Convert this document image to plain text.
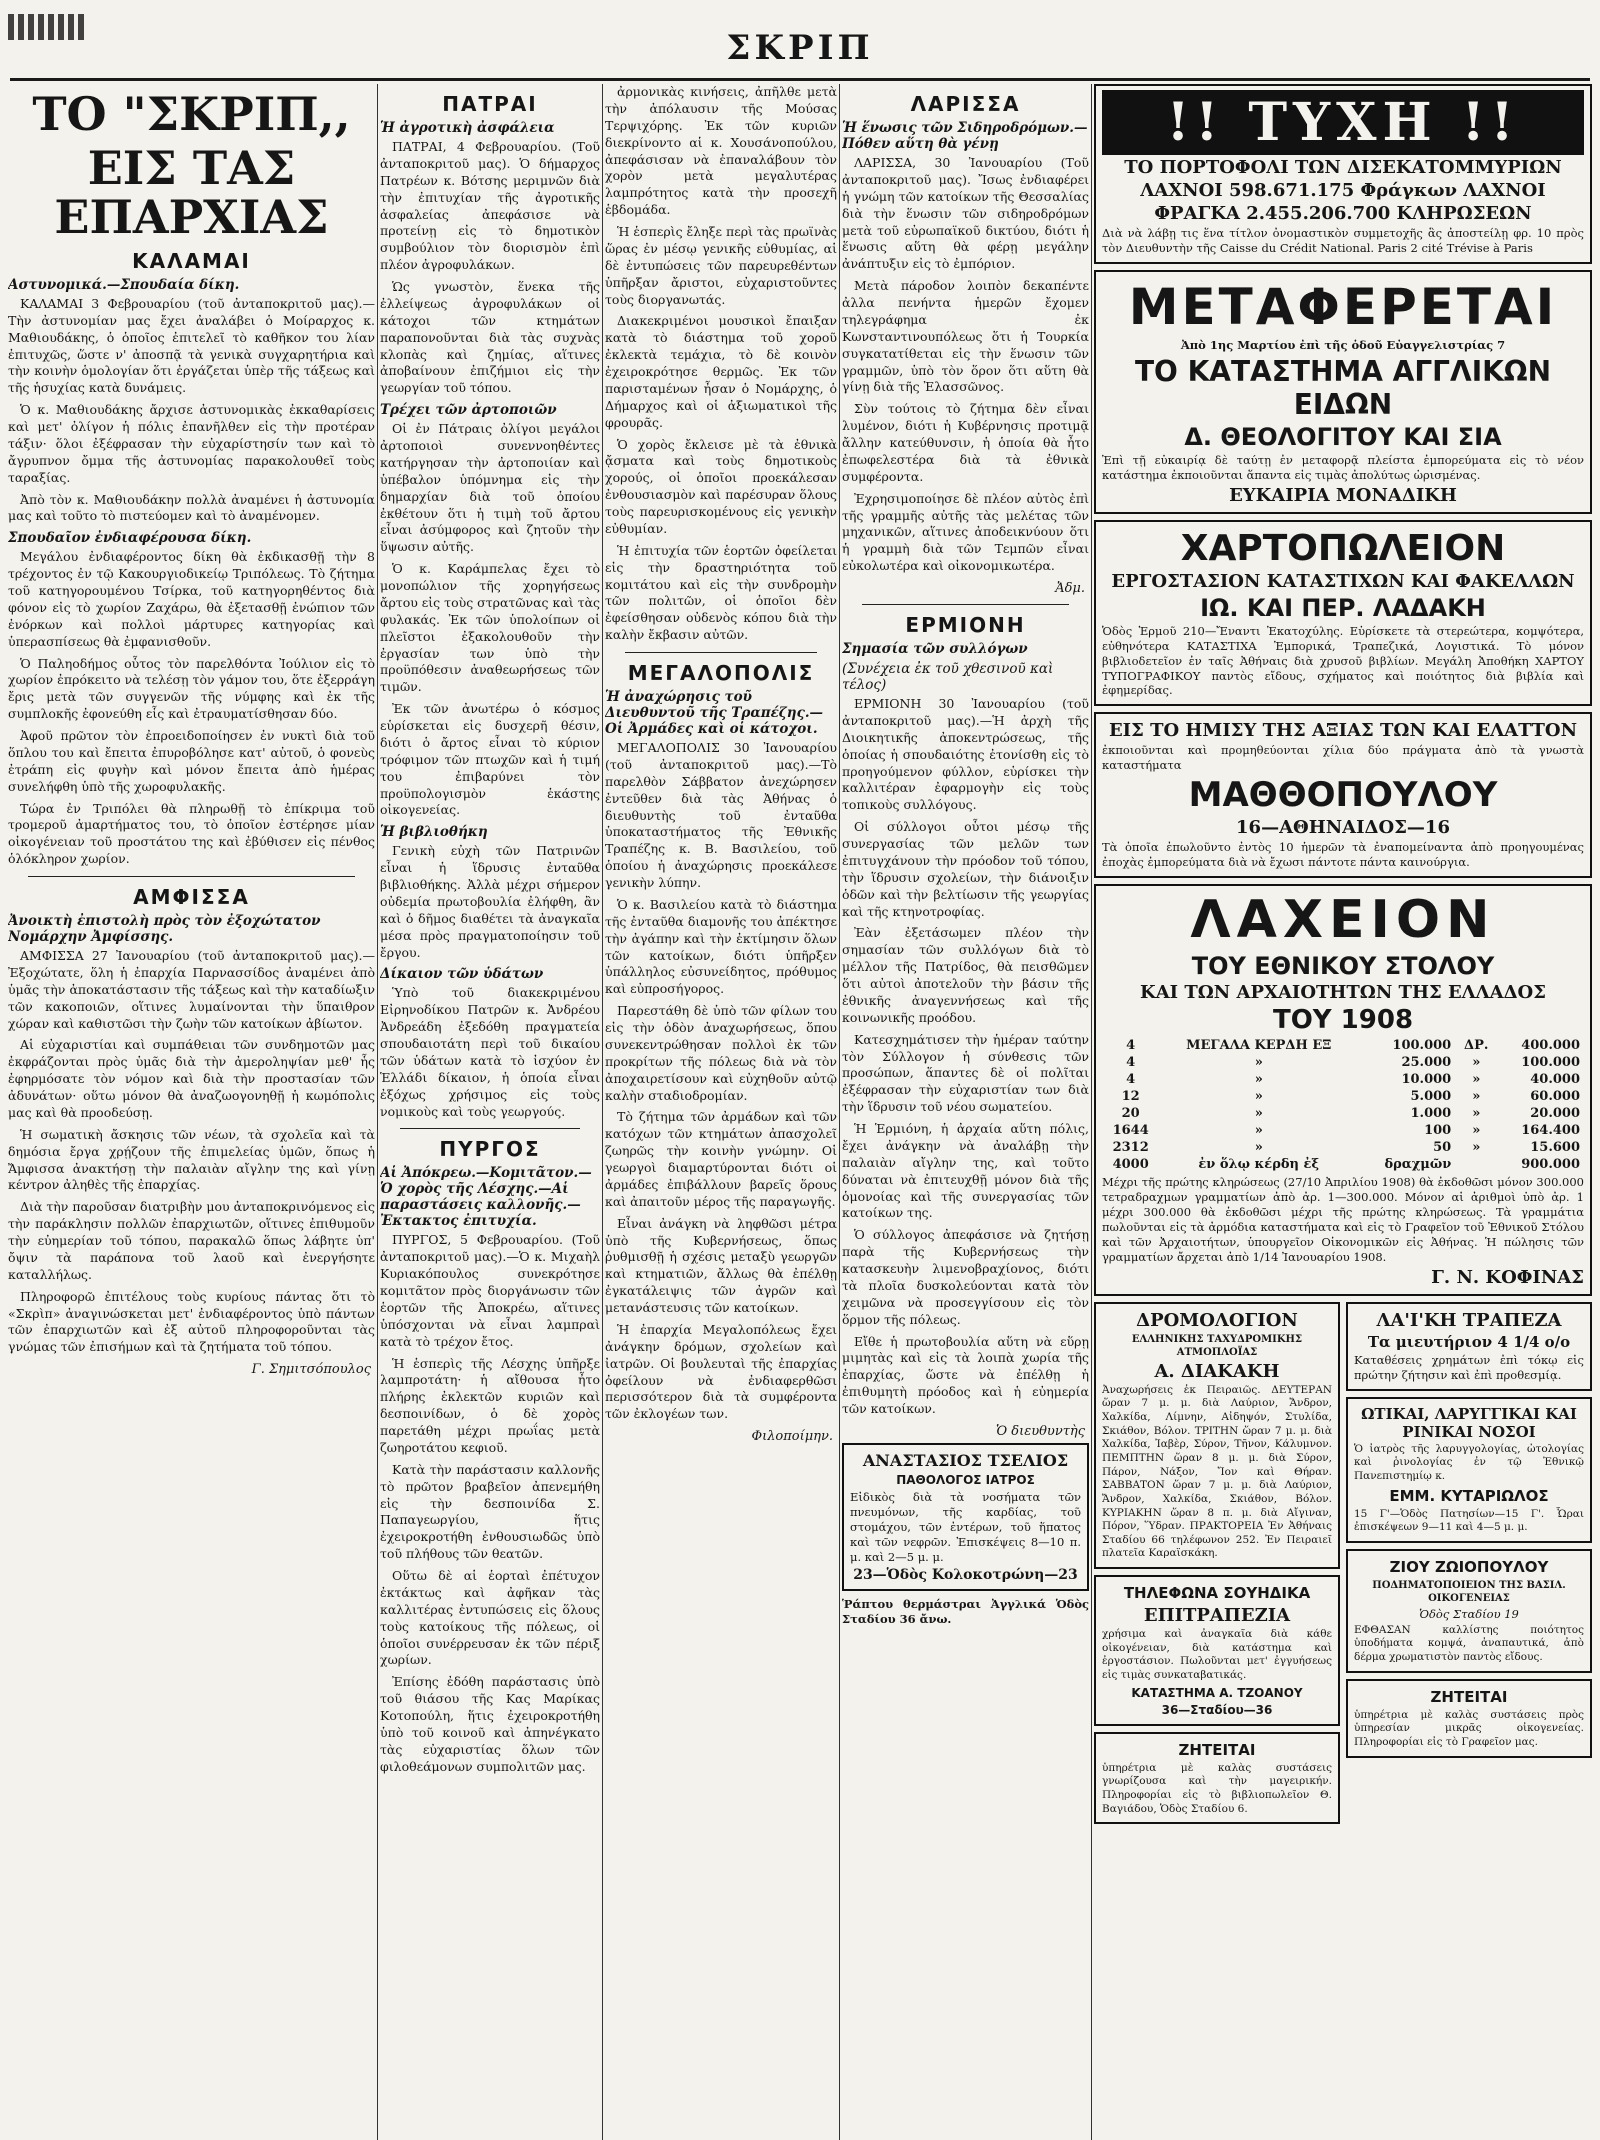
ΣΚΡΙΠ
ΤΟ "ΣΚΡΙΠ,,
ΕΙΣ ΤΑΣ ΕΠΑΡΧΙΑΣ
ΚΑΛΑΜΑΙ
Αστυνομικά.—Σπουδαία δίκη.

ΚΑΛΑΜΑΙ 3 Φεβρουαρίου (τοῦ ἀνταποκριτοῦ μας).—Τὴν ἀστυνομίαν μας ἔχει ἀναλάβει ὁ Μοίραρχος κ. Μαθιουδάκης, ὁ ὁποῖος ἐπιτελεῖ τὸ καθῆκον του λίαν ἐπιτυχῶς, ὥστε ν' ἀποσπᾷ τὰ γενικὰ συγχαρητήρια καὶ τὴν κοινὴν ὁμολογίαν ὅτι ἐργάζεται ὑπὲρ τῆς τάξεως καὶ τῆς ἡσυχίας κατὰ δυνάμεις.

Ὁ κ. Μαθιουδάκης ἄρχισε ἀστυνομικὰς ἐκκαθαρίσεις καὶ μετ' ὀλίγον ἡ πόλις ἐπανῆλθεν εἰς τὴν προτέραν τάξιν· ὅλοι ἐξέφρασαν τὴν εὐχαρίστησίν των καὶ τὸ ἄγρυπνον ὄμμα τῆς ἀστυνομίας παρακολουθεῖ τοὺς ταραξίας.

Ἀπὸ τὸν κ. Μαθιουδάκην πολλὰ ἀναμένει ἡ ἀστυνομία μας καὶ τοῦτο τὸ πιστεύομεν καὶ τὸ ἀναμένομεν.

Σπουδαῖον ἐνδιαφέρουσα δίκη.

Μεγάλου ἐνδιαφέροντος δίκη θὰ ἐκδικασθῇ τὴν 8 τρέχοντος ἐν τῷ Κακουργιοδικείῳ Τριπόλεως. Τὸ ζήτημα τοῦ κατηγορουμένου Τσίρκα, τοῦ κατηγορηθέντος διὰ φόνον εἰς τὸ χωρίον Ζαχάρω, θὰ ἐξετασθῇ ἐνώπιον τῶν ἐνόρκων καὶ πολλοὶ μάρτυρες κατηγορίας καὶ ὑπερασπίσεως θὰ ἐμφανισθοῦν.

Ὁ Παληοδήμος οὗτος τὸν παρελθόντα Ἰούλιον εἰς τὸ χωρίον ἐπρόκειτο νὰ τελέσῃ τὸν γάμον του, ὅτε ἐξερράγη ἔρις μετὰ τῶν συγγενῶν τῆς νύμφης καὶ ἐκ τῆς συμπλοκῆς ἐφονεύθη εἷς καὶ ἐτραυματίσθησαν δύο.

Ἀφοῦ πρῶτον τὸν ἐπροειδοποίησεν ἐν νυκτὶ διὰ τοῦ ὅπλου του καὶ ἔπειτα ἐπυροβόλησε κατ' αὐτοῦ, ὁ φονεὺς ἐτράπη εἰς φυγὴν καὶ μόνον ἔπειτα ἀπὸ ἡμέρας συνελήφθη ὑπὸ τῆς χωροφυλακῆς.

Τώρα ἐν Τριπόλει θὰ πληρωθῇ τὸ ἐπίκριμα τοῦ τρομεροῦ ἀμαρτήματος του, τὸ ὁποῖον ἐστέρησε μίαν οἰκογένειαν τοῦ προστάτου της καὶ ἐβύθισεν εἰς πένθος ὁλόκληρον χωρίον.

ΑΜΦΙΣΣΑ
Ἀνοικτὴ ἐπιστολὴ πρὸς τὸν ἐξοχώτατον Νομάρχην Ἀμφίσσης.

ΑΜΦΙΣΣΑ 27 Ἰανουαρίου (τοῦ ἀνταποκριτοῦ μας).—Ἐξοχώτατε, ὅλη ἡ ἐπαρχία Παρνασσίδος ἀναμένει ἀπὸ ὑμᾶς τὴν ἀποκατάστασιν τῆς τάξεως καὶ τὴν καταδίωξιν τῶν κακοποιῶν, οἵτινες λυμαίνονται τὴν ὕπαιθρον χώραν καὶ καθιστῶσι τὴν ζωὴν τῶν κατοίκων ἀβίωτον.

Αἱ εὐχαριστίαι καὶ συμπάθειαι τῶν συνδημοτῶν μας ἐκφράζονται πρὸς ὑμᾶς διὰ τὴν ἀμεροληψίαν μεθ' ἧς ἐφηρμόσατε τὸν νόμον καὶ διὰ τὴν προστασίαν τῶν ἀδυνάτων· οὕτω μόνον θὰ ἀναζωογονηθῇ ἡ κωμόπολις μας καὶ θὰ προοδεύσῃ.

Ἡ σωματικὴ ἄσκησις τῶν νέων, τὰ σχολεῖα καὶ τὰ δημόσια ἔργα χρῄζουν τῆς ἐπιμελείας ὑμῶν, ὅπως ἡ Ἄμφισσα ἀνακτήσῃ τὴν παλαιὰν αἴγλην της καὶ γίνῃ κέντρον ἀληθὲς τῆς ἐπαρχίας.

Διὰ τὴν παροῦσαν διατριβὴν μου ἀνταποκρινόμενος εἰς τὴν παράκλησιν πολλῶν ἐπαρχιωτῶν, οἵτινες ἐπιθυμοῦν τὴν εὐημερίαν τοῦ τόπου, παρακαλῶ ὅπως λάβητε ὑπ' ὄψιν τὰ παράπονα τοῦ λαοῦ καὶ ἐνεργήσητε καταλλήλως.

Πληροφορῶ ἐπιτέλους τοὺς κυρίους πάντας ὅτι τὸ «Σκρὶπ» ἀναγινώσκεται μετ' ἐνδιαφέροντος ὑπὸ πάντων τῶν ἐπαρχιωτῶν καὶ ἐξ αὐτοῦ πληροφοροῦνται τὰς γνώμας τῶν ἐπισήμων καὶ τὰ ζητήματα τοῦ τόπου.

Γ. Σημιτσόπουλος
ΠΑΤΡΑΙ
Ἡ ἀγροτικὴ ἀσφάλεια

ΠΑΤΡΑΙ, 4 Φεβρουαρίου. (Τοῦ ἀνταποκριτοῦ μας). Ὁ δήμαρχος Πατρέων κ. Βότσης μεριμνῶν διὰ τὴν ἐπιτυχίαν τῆς ἀγροτικῆς ἀσφαλείας ἀπεφάσισε νὰ προτείνῃ εἰς τὸ δημοτικὸν συμβούλιον τὸν διορισμὸν ἐπὶ πλέον ἀγροφυλάκων.

Ὡς γνωστὸν, ἕνεκα τῆς ἐλλείψεως ἀγροφυλάκων οἱ κάτοχοι τῶν κτημάτων παραπονοῦνται διὰ τὰς συχνὰς κλοπὰς καὶ ζημίας, αἵτινες ἀποβαίνουν ἐπιζήμιοι εἰς τὴν γεωργίαν τοῦ τόπου.

Τρέχει τῶν ἀρτοποιῶν

Οἱ ἐν Πάτραις ὀλίγοι μεγάλοι ἀρτοποιοὶ συνεννοηθέντες κατήργησαν τὴν ἀρτοποιίαν καὶ ὑπέβαλον ὑπόμνημα εἰς τὴν δημαρχίαν διὰ τοῦ ὁποίου ἐκθέτουν ὅτι ἡ τιμὴ τοῦ ἄρτου εἶναι ἀσύμφορος καὶ ζητοῦν τὴν ὕψωσιν αὐτῆς.

Ὁ κ. Καράμπελας ἔχει τὸ μονοπώλιον τῆς χορηγήσεως ἄρτου εἰς τοὺς στρατῶνας καὶ τὰς φυλακάς. Ἐκ τῶν ὑπολοίπων οἱ πλεῖστοι ἐξακολουθοῦν τὴν ἐργασίαν των ὑπὸ τὴν προϋπόθεσιν ἀναθεωρήσεως τῶν τιμῶν.

Ἐκ τῶν ἀνωτέρω ὁ κόσμος εὑρίσκεται εἰς δυσχερῆ θέσιν, διότι ὁ ἄρτος εἶναι τὸ κύριον τρόφιμον τῶν πτωχῶν καὶ ἡ τιμή του ἐπιβαρύνει τὸν προϋπολογισμὸν ἑκάστης οἰκογενείας.

Ἡ βιβλιοθήκη

Γενικὴ εὐχὴ τῶν Πατρινῶν εἶναι ἡ ἵδρυσις ἐνταῦθα βιβλιοθήκης. Ἀλλὰ μέχρι σήμερον οὐδεμία πρωτοβουλία ἐλήφθη, ἂν καὶ ὁ δῆμος διαθέτει τὰ ἀναγκαῖα μέσα πρὸς πραγματοποίησιν τοῦ ἔργου.

Δίκαιον τῶν ὑδάτων

Ὑπὸ τοῦ διακεκριμένου Εἰρηνοδίκου Πατρῶν κ. Ἀνδρέου Ἀνδρεάδη ἐξεδόθη πραγματεία σπουδαιοτάτη περὶ τοῦ δικαίου τῶν ὑδάτων κατὰ τὸ ἰσχύον ἐν Ἑλλάδι δίκαιον, ἡ ὁποία εἶναι ἐξόχως χρήσιμος εἰς τοὺς νομικοὺς καὶ τοὺς γεωργούς.

ΠΥΡΓΟΣ
Αἱ Ἀπόκρεω.—Κομιτᾶτον.—Ὁ χορὸς τῆς Λέσχης.—Αἱ παραστάσεις καλλονῆς.—Ἐκτακτος ἐπιτυχία.

ΠΥΡΓΟΣ, 5 Φεβρουαρίου. (Τοῦ ἀνταποκριτοῦ μας).—Ὁ κ. Μιχαὴλ Κυριακόπουλος συνεκρότησε κομιτᾶτον πρὸς διοργάνωσιν τῶν ἑορτῶν τῆς Ἀποκρέω, αἵτινες ὑπόσχονται νὰ εἶναι λαμπραὶ κατὰ τὸ τρέχον ἔτος.

Ἡ ἑσπερὶς τῆς Λέσχης ὑπῆρξε λαμπροτάτη· ἡ αἴθουσα ἦτο πλήρης ἐκλεκτῶν κυριῶν καὶ δεσποινίδων, ὁ δὲ χορὸς παρετάθη μέχρι πρωΐας μετὰ ζωηροτάτου κεφιοῦ.

Κατὰ τὴν παράστασιν καλλονῆς τὸ πρῶτον βραβεῖον ἀπενεμήθη εἰς τὴν δεσποινίδα Σ. Παπαγεωργίου, ἥτις ἐχειροκροτήθη ἐνθουσιωδῶς ὑπὸ τοῦ πλήθους τῶν θεατῶν.

Οὕτω δὲ αἱ ἑορταὶ ἐπέτυχον ἐκτάκτως καὶ ἀφῆκαν τὰς καλλιτέρας ἐντυπώσεις εἰς ὅλους τοὺς κατοίκους τῆς πόλεως, οἱ ὁποῖοι συνέρρευσαν ἐκ τῶν πέριξ χωρίων.

Ἐπίσης ἐδόθη παράστασις ὑπὸ τοῦ θιάσου τῆς Κας Μαρίκας Κοτοπούλη, ἥτις ἐχειροκροτήθη ὑπὸ τοῦ κοινοῦ καὶ ἀπηνέγκατο τὰς εὐχαριστίας ὅλων τῶν φιλοθεάμονων συμπολιτῶν μας.

ἀρμονικὰς κινήσεις, ἀπῆλθε μετὰ τὴν ἀπόλαυσιν τῆς Μούσας Τερψιχόρης. Ἐκ τῶν κυριῶν διεκρίνοντο αἱ κ. Χουσάνοπούλου, ἀπεφάσισαν νὰ ἐπαναλάβουν τὸν χορὸν μετὰ μεγαλυτέρας λαμπρότητος κατὰ τὴν προσεχῆ ἑβδομάδα.

Ἡ ἑσπερὶς ἔληξε περὶ τὰς πρωϊνὰς ὥρας ἐν μέσῳ γενικῆς εὐθυμίας, αἱ δὲ ἐντυπώσεις τῶν παρευρεθέντων ὑπῆρξαν ἄριστοι, εὐχαριστοῦντες τοὺς διοργανωτάς.

Διακεκριμένοι μουσικοὶ ἔπαιξαν κατὰ τὸ διάστημα τοῦ χοροῦ ἐκλεκτὰ τεμάχια, τὸ δὲ κοινὸν ἐχειροκρότησε θερμῶς. Ἐκ τῶν παρισταμένων ἦσαν ὁ Νομάρχης, ὁ Δήμαρχος καὶ οἱ ἀξιωματικοὶ τῆς φρουρᾶς.

Ὁ χορὸς ἔκλεισε μὲ τὰ ἐθνικὰ ᾄσματα καὶ τοὺς δημοτικοὺς χορούς, οἱ ὁποῖοι προεκάλεσαν ἐνθουσιασμὸν καὶ παρέσυραν ὅλους τοὺς παρευρισκομένους εἰς γενικὴν εὐθυμίαν.

Ἡ ἐπιτυχία τῶν ἑορτῶν ὀφείλεται εἰς τὴν δραστηριότητα τοῦ κομιτάτου καὶ εἰς τὴν συνδρομὴν τῶν πολιτῶν, οἱ ὁποῖοι δὲν ἐφείσθησαν οὐδενὸς κόπου διὰ τὴν καλὴν ἔκβασιν αὐτῶν.

ΜΕΓΑΛΟΠΟΛΙΣ
Ἡ ἀναχώρησις τοῦ Διευθυντοῦ τῆς Τραπέζης.—Οἱ Ἀρμάδες καὶ οἱ κάτοχοι.

ΜΕΓΑΛΟΠΟΛΙΣ 30 Ἰανουαρίου (τοῦ ἀνταποκριτοῦ μας).—Τὸ παρελθὸν Σάββατον ἀνεχώρησεν ἐντεῦθεν διὰ τὰς Ἀθήνας ὁ διευθυντὴς τοῦ ἐνταῦθα ὑποκαταστήματος τῆς Ἐθνικῆς Τραπέζης κ. Β. Βασιλείου, τοῦ ὁποίου ἡ ἀναχώρησις προεκάλεσε γενικὴν λύπην.

Ὁ κ. Βασιλείου κατὰ τὸ διάστημα τῆς ἐνταῦθα διαμονῆς του ἀπέκτησε τὴν ἀγάπην καὶ τὴν ἐκτίμησιν ὅλων τῶν κατοίκων, διότι ὑπῆρξεν ὑπάλληλος εὐσυνείδητος, πρόθυμος καὶ εὐπροσήγορος.

Παρεστάθη δὲ ὑπὸ τῶν φίλων του εἰς τὴν ὁδὸν ἀναχωρήσεως, ὅπου συνεκεντρώθησαν πολλοὶ ἐκ τῶν προκρίτων τῆς πόλεως διὰ νὰ τὸν ἀποχαιρετίσουν καὶ εὐχηθοῦν αὐτῷ καλὴν σταδιοδρομίαν.

Τὸ ζήτημα τῶν ἀρμάδων καὶ τῶν κατόχων τῶν κτημάτων ἀπασχολεῖ ζωηρῶς τὴν κοινὴν γνώμην. Οἱ γεωργοὶ διαμαρτύρονται διότι οἱ ἀρμάδες ἐπιβάλλουν βαρεῖς ὅρους καὶ ἀπαιτοῦν μέρος τῆς παραγωγῆς.

Εἶναι ἀνάγκη νὰ ληφθῶσι μέτρα ὑπὸ τῆς Κυβερνήσεως, ὅπως ῥυθμισθῇ ἡ σχέσις μεταξὺ γεωργῶν καὶ κτηματιῶν, ἄλλως θὰ ἐπέλθῃ ἐγκατάλειψις τῶν ἀγρῶν καὶ μετανάστευσις τῶν κατοίκων.

Ἡ ἐπαρχία Μεγαλοπόλεως ἔχει ἀνάγκην δρόμων, σχολείων καὶ ἰατρῶν. Οἱ βουλευταὶ τῆς ἐπαρχίας ὀφείλουν νὰ ἐνδιαφερθῶσι περισσότερον διὰ τὰ συμφέροντα τῶν ἐκλογέων των.

Φιλοποίμην.
ΛΑΡΙΣΣΑ
Ἡ ἕνωσις τῶν Σιδηροδρόμων.—Πόθεν αὕτη θὰ γένῃ

ΛΑΡΙΣΣΑ, 30 Ἰανουαρίου (Τοῦ ἀνταποκριτοῦ μας). Ἴσως ἐνδιαφέρει ἡ γνώμη τῶν κατοίκων τῆς Θεσσαλίας διὰ τὴν ἕνωσιν τῶν σιδηροδρόμων μετὰ τοῦ εὐρωπαϊκοῦ δικτύου, διότι ἡ ἕνωσις αὕτη θὰ φέρῃ μεγάλην ἀνάπτυξιν εἰς τὸ ἐμπόριον.

Μετὰ πάροδον λοιπὸν δεκαπέντε ἀλλα πενήντα ἡμερῶν ἔχομεν τηλεγράφημα ἐκ Κωνσταντινουπόλεως ὅτι ἡ Τουρκία συγκατατίθεται εἰς τὴν ἕνωσιν τῶν γραμμῶν, ὑπὸ τὸν ὅρον ὅτι αὕτη θὰ γίνῃ διὰ τῆς Ἐλασσῶνος.

Σὺν τούτοις τὸ ζήτημα δὲν εἶναι λυμένον, διότι ἡ Κυβέρνησις προτιμᾷ ἄλλην κατεύθυνσιν, ἡ ὁποία θὰ ἦτο ἐπωφελεστέρα διὰ τὰ ἐθνικὰ συμφέροντα.

Ἐχρησιμοποίησε δὲ πλέον αὐτὸς ἐπὶ τῆς γραμμῆς αὐτῆς τὰς μελέτας τῶν μηχανικῶν, αἵτινες ἀποδεικνύουν ὅτι ἡ γραμμὴ διὰ τῶν Τεμπῶν εἶναι εὐκολωτέρα καὶ οἰκονομικωτέρα.

Ἀδμ.
ΕΡΜΙΟΝΗ
Σημασία τῶν συλλόγων
(Συνέχεια ἐκ τοῦ χθεσινοῦ καὶ τέλος)

ΕΡΜΙΟΝΗ 30 Ἰανουαρίου (τοῦ ἀνταποκριτοῦ μας).—Ἡ ἀρχὴ τῆς Διοικητικῆς ἀποκεντρώσεως, τῆς ὁποίας ἡ σπουδαιότης ἐτονίσθη εἰς τὸ προηγούμενον φύλλον, εὑρίσκει τὴν καλλιτέραν ἐφαρμογὴν εἰς τοὺς τοπικοὺς συλλόγους.

Οἱ σύλλογοι οὗτοι μέσῳ τῆς συνεργασίας τῶν μελῶν των ἐπιτυγχάνουν τὴν πρόοδον τοῦ τόπου, τὴν ἵδρυσιν σχολείων, τὴν διάνοιξιν ὁδῶν καὶ τὴν βελτίωσιν τῆς γεωργίας καὶ τῆς κτηνοτροφίας.

Ἐὰν ἐξετάσωμεν πλέον τὴν σημασίαν τῶν συλλόγων διὰ τὸ μέλλον τῆς Πατρίδος, θὰ πεισθῶμεν ὅτι αὐτοὶ ἀποτελοῦν τὴν βάσιν τῆς ἐθνικῆς ἀναγεννήσεως καὶ τῆς κοινωνικῆς προόδου.

Κατεσχημάτισεν τὴν ἡμέραν ταύτην τὸν Σύλλογον ἡ σύνθεσις τῶν προσώπων, ἅπαντες δὲ οἱ πολῖται ἐξέφρασαν τὴν εὐχαριστίαν των διὰ τὴν ἵδρυσιν τοῦ νέου σωματείου.

Ἡ Ἑρμιόνη, ἡ ἀρχαία αὕτη πόλις, ἔχει ἀνάγκην νὰ ἀναλάβῃ τὴν παλαιὰν αἴγλην της, καὶ τοῦτο δύναται νὰ ἐπιτευχθῇ μόνον διὰ τῆς ὁμονοίας καὶ τῆς συνεργασίας τῶν κατοίκων της.

Ὁ σύλλογος ἀπεφάσισε νὰ ζητήσῃ παρὰ τῆς Κυβερνήσεως τὴν κατασκευὴν λιμενοβραχίονος, διότι τὰ πλοῖα δυσκολεύονται κατὰ τὸν χειμῶνα νὰ προσεγγίσουν εἰς τὸν ὅρμον τῆς πόλεως.

Εἴθε ἡ πρωτοβουλία αὕτη νὰ εὕρῃ μιμητὰς καὶ εἰς τὰ λοιπὰ χωρία τῆς ἐπαρχίας, ὥστε νὰ ἐπέλθῃ ἡ ἐπιθυμητὴ πρόοδος καὶ ἡ εὐημερία τῶν κατοίκων.

Ὁ διευθυντὴς
ΑΝΑΣΤΑΣΙΟΣ ΤΣΕΛΙΟΣ
ΠΑΘΟΛΟΓΟΣ ΙΑΤΡΟΣ
Εἰδικὸς διὰ τὰ νοσήματα τῶν πνευμόνων, τῆς καρδίας, τοῦ στομάχου, τῶν ἐντέρων, τοῦ ἥπατος καὶ τῶν νεφρῶν. Ἐπισκέψεις 8—10 π. μ. καὶ 2—5 μ. μ.
23—Ὁδὸς Κολοκοτρώνη—23
Ῥάπτου θερμάστραι Ἀγγλικά Ὁδὸς Σταδίου 36 ἄνω.
!! ΤΥΧΗ !!
ΤΟ ΠΟΡΤΟΦΟΛΙ ΤΩΝ ΔΙΣΕΚΑΤΟΜΜΥΡΙΩΝ
ΛΑΧΝΟΙ 598.671.175 Φράγκων ΛΑΧΝΟΙ
ΦΡΑΓΚΑ 2.455.206.700 ΚΛΗΡΩΣΕΩΝ
Διὰ νὰ λάβῃ τις ἕνα τίτλον ὀνομαστικὸν συμμετοχῆς ἃς ἀποστείλῃ φρ. 10 πρὸς τὸν Διευθυντὴν τῆς Caisse du Crédit National. Paris 2 cité Trévise à Paris
ΜΕΤΑΦΕΡΕΤΑΙ
Ἀπὸ 1ης Μαρτίου ἐπὶ τῆς ὁδοῦ Εὐαγγελιστρίας 7
ΤΟ ΚΑΤΑΣΤΗΜΑ ΑΓΓΛΙΚΩΝ ΕΙΔΩΝ
Δ. ΘΕΟΛΟΓΙΤΟΥ ΚΑΙ ΣΙΑ
Ἐπὶ τῇ εὐκαιρίᾳ δὲ ταύτῃ ἐν μεταφορᾷ πλείστα ἐμπορεύματα εἰς τὸ νέον κατάστημα ἐκποιοῦνται ἅπαντα εἰς τιμὰς ἀπολύτως ὡρισμένας.
ΕΥΚΑΙΡΙΑ ΜΟΝΑΔΙΚΗ
ΧΑΡΤΟΠΩΛΕΙΟΝ
ΕΡΓΟΣΤΑΣΙΟΝ ΚΑΤΑΣΤΙΧΩΝ ΚΑΙ ΦΑΚΕΛΛΩΝ
ΙΩ. ΚΑΙ ΠΕΡ. ΛΑΔΑΚΗ
Ὁδὸς Ἑρμοῦ 210—Ἔναντι Ἐκατοχύλης. Εὑρίσκετε τὰ στερεώτερα, κομψότερα, εὐθηνότερα ΚΑΤΑΣΤΙΧΑ Ἐμπορικά, Τραπεζικά, Λογιστικά. Τὸ μόνον βιβλιοδετεῖον ἐν ταῖς Ἀθήναις διὰ χρυσοῦ βιβλίων. Μεγάλη Ἀποθήκη ΧΑΡΤΟΥ ΤΥΠΟΓΡΑΦΙΚΟΥ παντὸς εἴδους, σχήματος καὶ ποιότητος διὰ βιβλία καὶ ἐφημερίδας.
ΕΙΣ ΤΟ ΗΜΙΣΥ ΤΗΣ ΑΞΙΑΣ ΤΩΝ ΚΑΙ ΕΛΑΤΤΟΝ
ἐκποιοῦνται καὶ προμηθεύονται χίλια δύο πράγματα ἀπὸ τὰ γνωστὰ καταστήματα
ΜΑΘΘΟΠΟΥΛΟΥ
16—ΑΘΗΝΑΙΔΟΣ—16
Τὰ ὁποῖα ἐπωλοῦντο ἐντὸς 10 ἡμερῶν τὰ ἐναπομείναντα ἀπὸ προηγουμένας ἐποχὰς ἐμπορεύματα διὰ νὰ ἔχωσι πάντοτε πάντα καινούργια.
ΛΑΧΕΙΟΝ
ΤΟΥ ΕΘΝΙΚΟΥ ΣΤΟΛΟΥ
ΚΑΙ ΤΩΝ ΑΡΧΑΙΟΤΗΤΩΝ ΤΗΣ ΕΛΛΑΔΟΣ
ΤΟΥ 1908
4	ΜΕΓΑΛΑ ΚΕΡΔΗ ΕΞ	100.000	ΔΡ.	400.000
4	»	25.000	»	100.000
4	»	10.000	»	40.000
12	»	5.000	»	60.000
20	»	1.000	»	20.000
1644	»	100	»	164.400
2312	»	50	»	15.600
4000	ἐν ὅλῳ κέρδη ἐξ	δραχμῶν		900.000
Μέχρι τῆς πρώτης κληρώσεως (27/10 Ἀπριλίου 1908) θὰ ἐκδοθῶσι μόνον 300.000 τετραδραχμων γραμματίων ἀπὸ ἀρ. 1—300.000. Μόνον αἱ ἀριθμοὶ ὑπὸ ἀρ. 1 μέχρι 300.000 θὰ ἐκδοθῶσι μέχρι τῆς πρώτης κληρώσεως. Τὰ γραμμάτια πωλοῦνται εἰς τὰ ἀρμόδια καταστήματα καὶ εἰς τὸ Γραφεῖον τοῦ Ἐθνικοῦ Στόλου καὶ τῶν Ἀρχαιοτήτων, ὑπουργεῖον Οἰκονομικῶν εἰς Ἀθήνας. Ἡ πώλησις τῶν γραμματίων ἄρχεται ἀπὸ 1/14 Ἰανουαρίου 1908.
Γ. Ν. ΚΟΦΙΝΑΣ
ΔΡΟΜΟΛΟΓΙΟΝ
ΕΛΛΗΝΙΚΗΣ ΤΑΧΥΔΡΟΜΙΚΗΣ ΑΤΜΟΠΛΟΪΑΣ
Α. ΔΙΑΚΑΚΗ
Ἀναχωρήσεις ἐκ Πειραιῶς. ΔΕΥΤΕΡΑΝ ὥραν 7 μ. μ. διὰ Λαύριον, Ἄνδρον, Χαλκίδα, Λίμνην, Αἰδηψόν, Στυλίδα, Σκιάθον, Βόλον. ΤΡΙΤΗΝ ὥραν 7 μ. μ. διὰ Χαλκίδα, Ἰαβὲρ, Σύρον, Τῆνον, Κάλυμνον. ΠΕΜΠΤΗΝ ὥραν 8 μ. μ. διὰ Σύρον, Πάρον, Νάξον, Ἴον καὶ Θήραν. ΣΑΒΒΑΤΟΝ ὥραν 7 μ. μ. διὰ Λαύριον, Ἄνδρον, Χαλκίδα, Σκιάθον, Βόλον. ΚΥΡΙΑΚΗΝ ὥραν 8 π. μ. διὰ Αἴγιναν, Πόρον, Ὕδραν. ΠΡΑΚΤΟΡΕΙΑ Ἐν Ἀθήναις Σταδίου 66 τηλέφωνον 252. Ἐν Πειραιεῖ πλατεῖα Καραϊσκάκη.
ΤΗΛΕΦΩΝΑ ΣΟΥΗΔΙΚΑ
ΕΠΙΤΡΑΠΕΖΙΑ
χρήσιμα καὶ ἀναγκαῖα διὰ κάθε οἰκογένειαν, διὰ κατάστημα καὶ ἐργοστάσιον. Πωλοῦνται μετ' ἐγγυήσεως εἰς τιμὰς συνκαταβατικάς.
ΚΑΤΑΣΤΗΜΑ Α. ΤΖΟΑΝΟΥ
36—Σταδίου—36
ΖΗΤΕΙΤΑΙ
ὑπηρέτρια μὲ καλὰς συστάσεις γνωρίζουσα καὶ τὴν μαγειρικήν. Πληροφορίαι εἰς τὸ βιβλιοπωλεῖον Θ. Βαγιάδου, Ὁδὸς Σταδίου 6.
ΛΑ'Ι'ΚΗ ΤΡΑΠΕΖΑ
Τα μιευτήριον 4 1/4 ο/ο
Καταθέσεις χρημάτων ἐπὶ τόκῳ εἰς πρώτην ζήτησιν καὶ ἐπὶ προθεσμίᾳ.
ΩΤΙΚΑΙ, ΛΑΡΥΓΓΙΚΑΙ ΚΑΙ ΡΙΝΙΚΑΙ ΝΟΣΟΙ
Ὁ ἰατρὸς τῆς λαρυγγολογίας, ὠτολογίας καὶ ῥινολογίας ἐν τῷ Ἐθνικῷ Πανεπιστημίῳ κ.
ΕΜΜ. ΚΥΤΑΡΙΩΛΟΣ
15 Γ'—Ὁδὸς Πατησίων—15 Γ'. Ὧραι ἐπισκέψεων 9—11 καὶ 4—5 μ. μ.
ΖΙΟΥ ΖΩΙΟΠΟΥΛΟΥ
ΠΟΔΗΜΑΤΟΠΟΙΕΙΟΝ ΤΗΣ ΒΑΣΙΛ. ΟΙΚΟΓΕΝΕΙΑΣ
Ὁδὸς Σταδίου 19
ΕΦΘΑΣΑΝ καλλίστης ποιότητος ὑποδήματα κομψά, ἀναπαυτικά, ἀπὸ δέρμα χρωματιστὸν παντὸς εἴδους.
ΖΗΤΕΙΤΑΙ
ὑπηρέτρια μὲ καλὰς συστάσεις πρὸς ὑπηρεσίαν μικρᾶς οἰκογενείας. Πληροφορίαι εἰς τὸ Γραφεῖον μας.
